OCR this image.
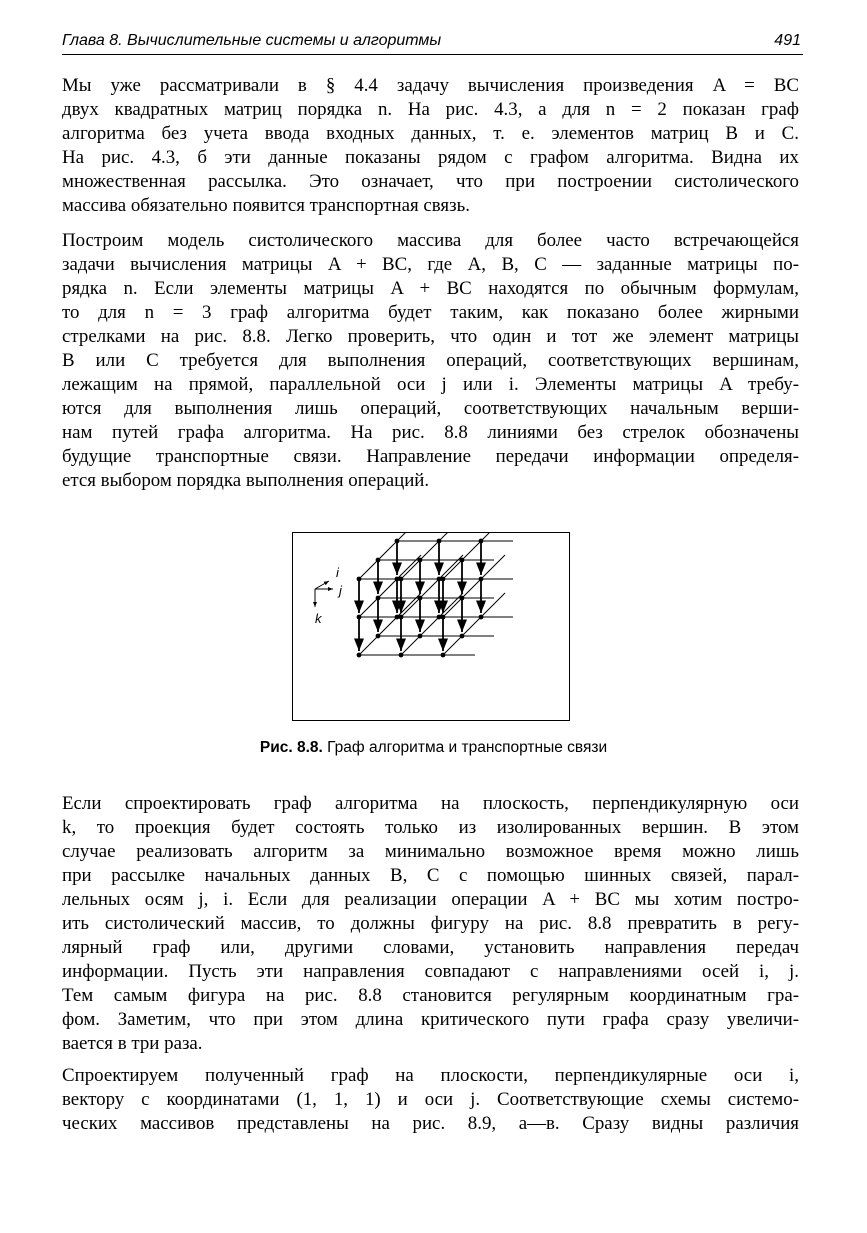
Глава 8. Вычислительные системы и алгоритмы	491
Мы уже рассматривали в § 4.4 задачу вычисления произведения A = BC
двух квадратных матриц порядка n. На рис. 4.3, a для n = 2 показан граф
алгоритма без учета ввода входных данных, т. е. элементов матриц B и C.
На рис. 4.3, б эти данные показаны рядом с графом алгоритма. Видна их
множественная рассылка. Это означает, что при построении систолического
массива обязательно появится транспортная связь.
Построим модель систолического массива для более часто встречающейся
задачи вычисления матрицы A + BC, где A, B, C — заданные матрицы по-
рядка n. Если элементы матрицы A + BC находятся по обычным формулам,
то для n = 3 граф алгоритма будет таким, как показано более жирными
стрелками на рис. 8.8. Легко проверить, что один и тот же элемент матрицы
B или C требуется для выполнения операций, соответствующих вершинам,
лежащим на прямой, параллельной оси j или i. Элементы матрицы A требу-
ются для выполнения лишь операций, соответствующих начальным верши-
нам путей графа алгоритма. На рис. 8.8 линиями без стрелок обозначены
будущие транспортные связи. Направление передачи информации определя-
ется выбором порядка выполнения операций.
i
j
k
Рис. 8.8. Граф алгоритма и транспортные связи
Если спроектировать граф алгоритма на плоскость, перпендикулярную оси
k, то проекция будет состоять только из изолированных вершин. В этом
случае реализовать алгоритм за минимально возможное время можно лишь
при рассылке начальных данных B, C с помощью шинных связей, парал-
лельных осям j, i. Если для реализации операции A + BC мы хотим постро-
ить систолический массив, то должны фигуру на рис. 8.8 превратить в регу-
лярный граф или, другими словами, установить направления передач
информации. Пусть эти направления совпадают с направлениями осей i, j.
Тем самым фигура на рис. 8.8 становится регулярным координатным гра-
фом. Заметим, что при этом длина критического пути графа сразу увеличи-
вается в три раза.
Спроектируем полученный граф на плоскости, перпендикулярные оси i,
вектору с координатами (1, 1, 1) и оси j. Соответствующие схемы системо-
ческих массивов представлены на рис. 8.9, а—в. Сразу видны различия
